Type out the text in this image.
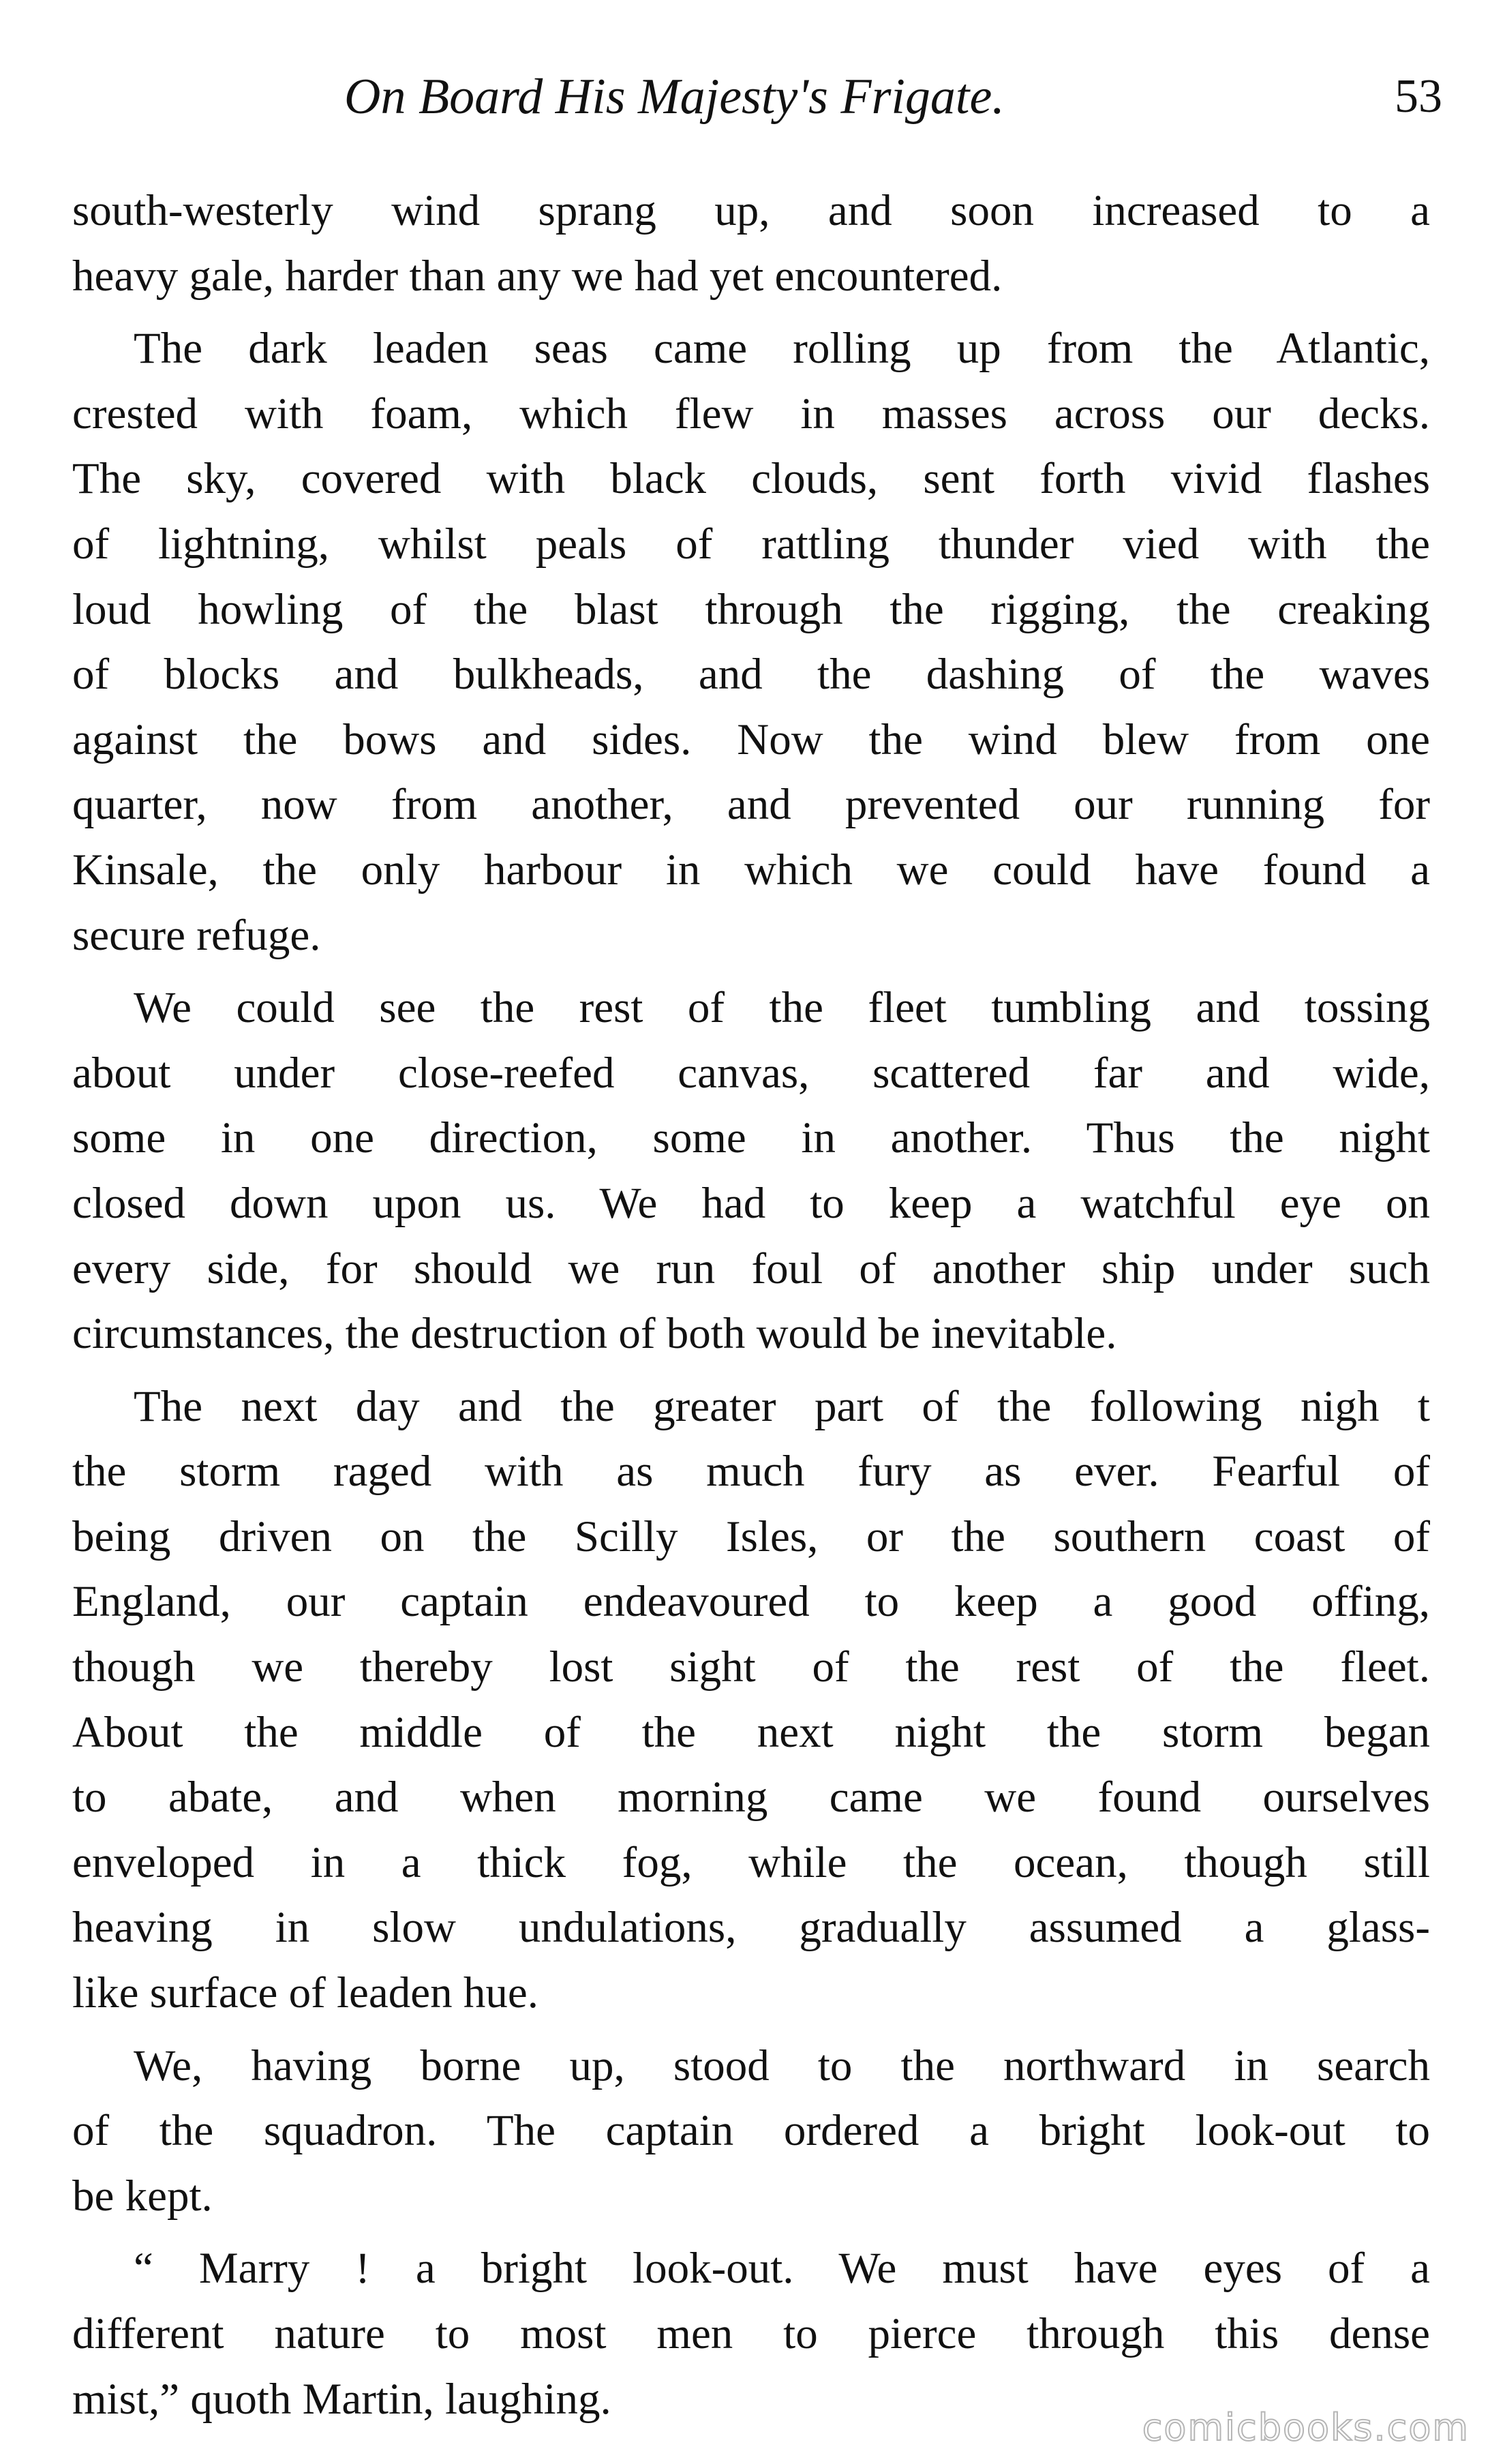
On Board His Majesty's Frigate.	53
south-westerly wind sprang up, and soon increased to a
heavy gale, harder than any we had yet encountered.
The dark leaden seas came rolling up from the Atlantic,
crested with foam, which flew in masses across our decks.
The sky, covered with black clouds, sent forth vivid flashes
of lightning, whilst peals of rattling thunder vied with the
loud howling of the blast through the rigging, the creaking
of blocks and bulkheads, and the dashing of the waves
against the bows and sides. Now the wind blew from one
quarter, now from another, and prevented our running for
Kinsale, the only harbour in which we could have found a
secure refuge.
We could see the rest of the fleet tumbling and tossing
about under close-reefed canvas, scattered far and wide,
some in one direction, some in another. Thus the night
closed down upon us. We had to keep a watchful eye on
every side, for should we run foul of another ship under such
circumstances, the destruction of both would be inevitable.
The next day and the greater part of the following nigh t
the storm raged with as much fury as ever. Fearful of
being driven on the Scilly Isles, or the southern coast of
England, our captain endeavoured to keep a good offing,
though we thereby lost sight of the rest of the fleet.
About the middle of the next night the storm began
to abate, and when morning came we found ourselves
enveloped in a thick fog, while the ocean, though still
heaving in slow undulations, gradually assumed a glass-
like surface of leaden hue.
We, having borne up, stood to the northward in search
of the squadron. The captain ordered a bright look-out to
be kept.
“ Marry ! a bright look-out. We must have eyes of a
different nature to most men to pierce through this dense
mist,” quoth Martin, laughing.
comicbooks.com
